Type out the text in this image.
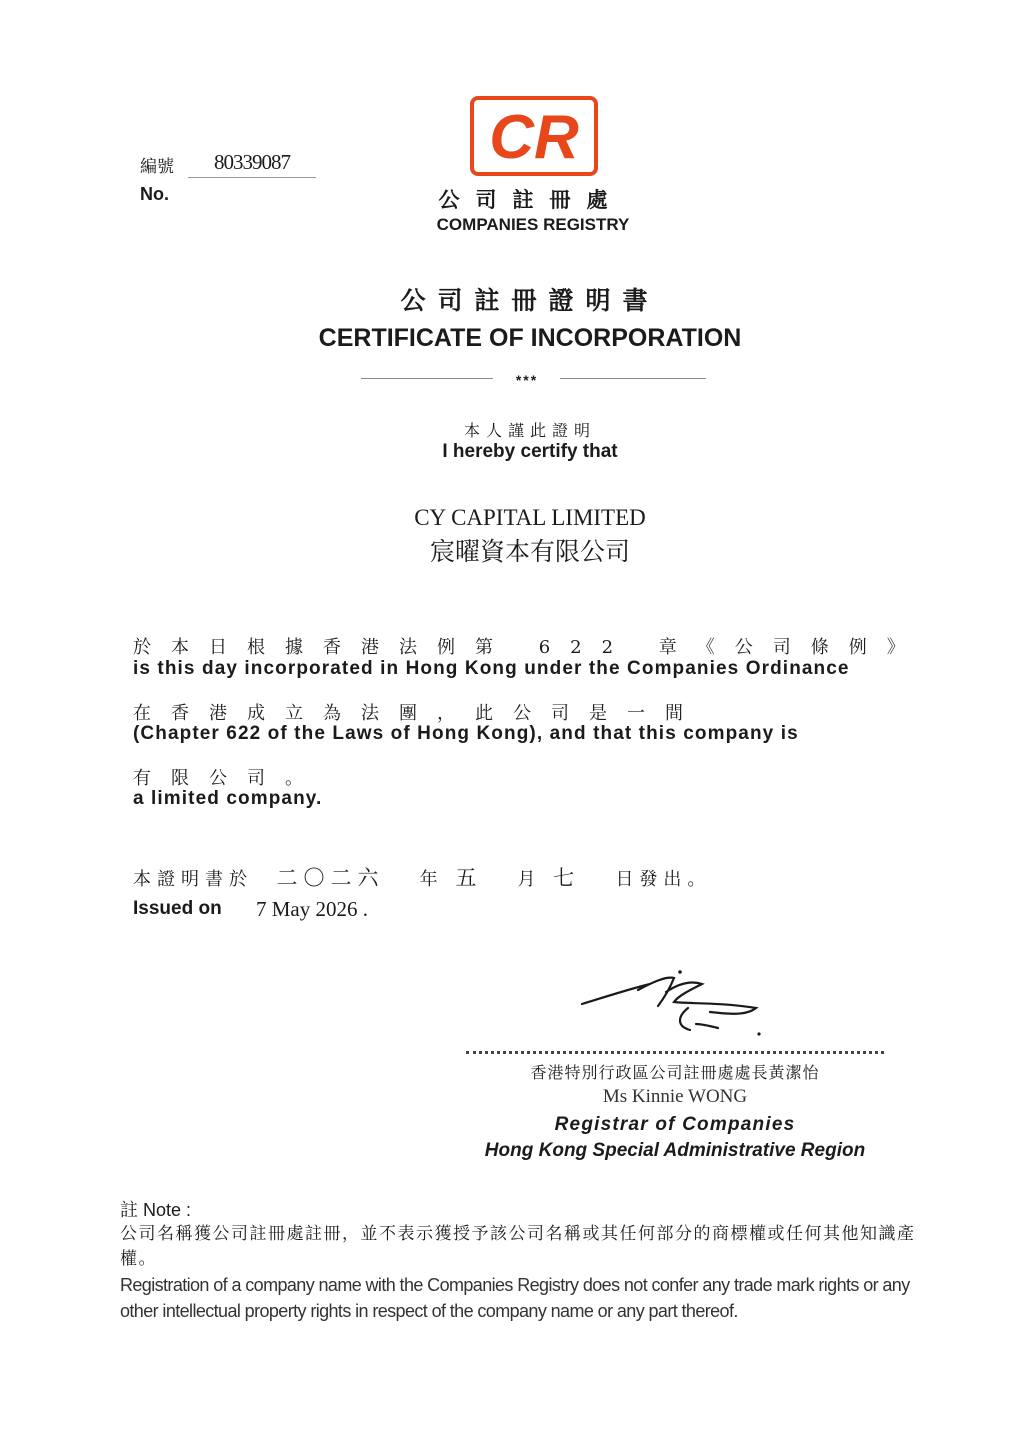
編號	80339087
No.
CR
公司註冊處
COMPANIES REGISTRY
公司註冊證明書
CERTIFICATE OF INCORPORATION
***
本人謹此證明
I hereby certify that
CY CAPITAL LIMITED
宸曜資本有限公司
於本日根據香港法例第 622 章《公司條例》
is this day incorporated in Hong Kong under the Companies Ordinance
在香港成立為法團，此公司是一間
(Chapter 622 of the Laws of Hong Kong), and that this company is
有限公司。
a limited company.
本證明書於 二〇二六 年 五 月 七 日發出。
Issued on 7 May 2026 .
香港特別行政區公司註冊處處長黃潔怡
Ms Kinnie WONG
Registrar of Companies
Hong Kong Special Administrative Region
註 Note :
公司名稱獲公司註冊處註冊，並不表示獲授予該公司名稱或其任何部分的商標權或任何其他知識產權。
Registration of a company name with the Companies Registry does not confer any trade mark rights or any other intellectual property rights in respect of the company name or any part thereof.
